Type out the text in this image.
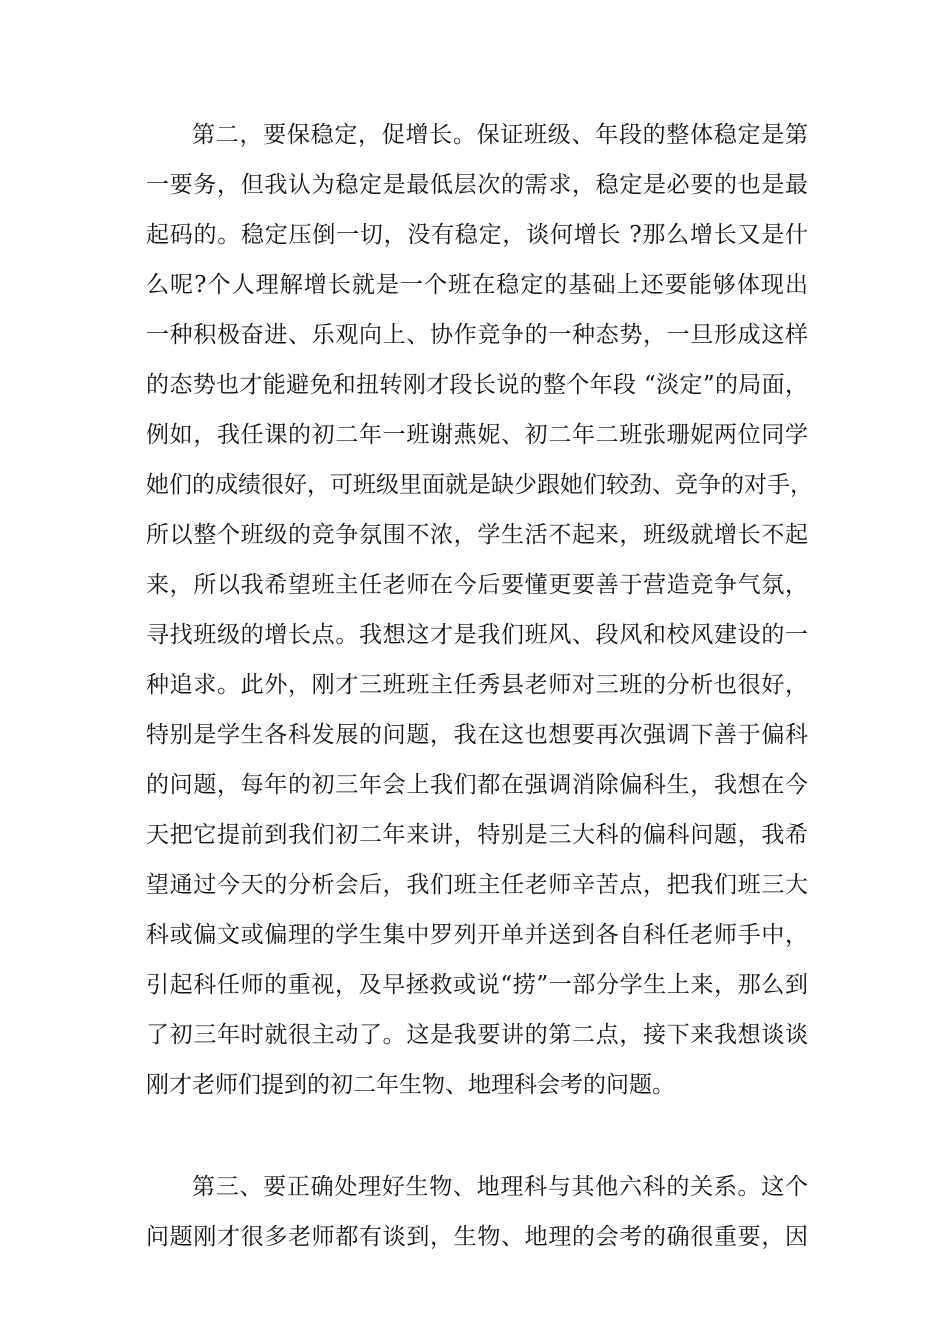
第二，要保稳定，促增长。保证班级、年段的整体稳定是第
一要务，但我认为稳定是最低层次的需求，稳定是必要的也是最
起码的。稳定压倒一切，没有稳定，谈何增长 ?那么增长又是什
么呢?个人理解增长就是一个班在稳定的基础上还要能够体现出
一种积极奋进、乐观向上、协作竞争的一种态势，一旦形成这样
的态势也才能避免和扭转刚才段长说的整个年段 “淡定”的局面，
例如，我任课的初二年一班谢燕妮、初二年二班张珊妮两位同学
她们的成绩很好，可班级里面就是缺少跟她们较劲、竞争的对手，
所以整个班级的竞争氛围不浓，学生活不起来，班级就增长不起
来，所以我希望班主任老师在今后要懂更要善于营造竞争气氛，
寻找班级的增长点。我想这才是我们班风、段风和校风建设的一
种追求。此外，刚才三班班主任秀县老师对三班的分析也很好，
特别是学生各科发展的问题，我在这也想要再次强调下善于偏科
的问题，每年的初三年会上我们都在强调消除偏科生，我想在今
天把它提前到我们初二年来讲，特别是三大科的偏科问题，我希
望通过今天的分析会后，我们班主任老师辛苦点，把我们班三大
科或偏文或偏理的学生集中罗列开单并送到各自科任老师手中，
引起科任师的重视，及早拯救或说“捞”一部分学生上来，那么到
了初三年时就很主动了。这是我要讲的第二点，接下来我想谈谈
刚才老师们提到的初二年生物、地理科会考的问题。
第三、要正确处理好生物、地理科与其他六科的关系。这个
问题刚才很多老师都有谈到，生物、地理的会考的确很重要，因
